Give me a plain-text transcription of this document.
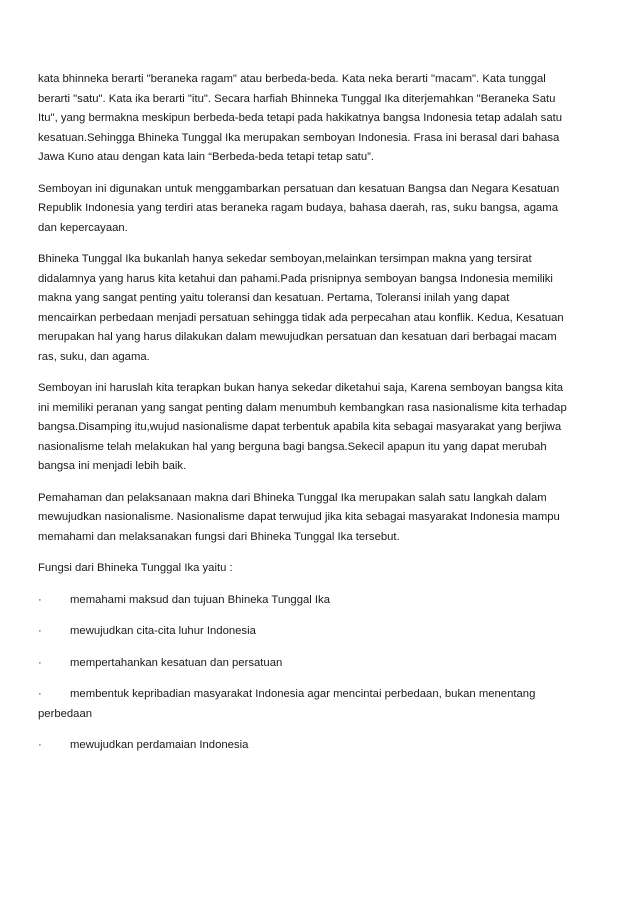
kata bhinneka berarti "beraneka ragam" atau berbeda-beda. Kata neka berarti "macam". Kata tunggal berarti "satu". Kata ika berarti "itu". Secara harfiah Bhinneka Tunggal Ika diterjemahkan "Beraneka Satu Itu", yang bermakna meskipun berbeda-beda tetapi pada hakikatnya bangsa Indonesia tetap adalah satu kesatuan.Sehingga Bhineka Tunggal Ika merupakan semboyan Indonesia. Frasa ini berasal dari bahasa Jawa Kuno atau dengan kata lain “Berbeda-beda tetapi tetap satu”.

Semboyan ini digunakan untuk menggambarkan persatuan dan kesatuan Bangsa dan Negara Kesatuan Republik Indonesia yang terdiri atas beraneka ragam budaya, bahasa daerah, ras, suku bangsa, agama dan kepercayaan.

Bhineka Tunggal Ika bukanlah hanya sekedar semboyan,melainkan tersimpan makna yang tersirat didalamnya yang harus kita ketahui dan pahami.Pada prisnipnya semboyan bangsa Indonesia memiliki makna yang sangat penting yaitu toleransi dan kesatuan. Pertama, Toleransi inilah yang dapat mencairkan perbedaan menjadi persatuan sehingga tidak ada perpecahan atau konflik. Kedua, Kesatuan merupakan hal yang harus dilakukan dalam mewujudkan persatuan dan kesatuan dari berbagai macam ras, suku, dan agama.

Semboyan ini haruslah kita terapkan bukan hanya sekedar diketahui saja, Karena semboyan bangsa kita ini memiliki peranan yang sangat penting dalam menumbuh kembangkan rasa nasionalisme kita terhadap bangsa.Disamping itu,wujud nasionalisme dapat terbentuk apabila kita sebagai masyarakat yang berjiwa nasionalisme telah melakukan hal yang berguna bagi bangsa.Sekecil apapun itu yang dapat merubah bangsa ini menjadi lebih baik.

Pemahaman dan pelaksanaan makna dari Bhineka Tunggal Ika merupakan salah satu langkah dalam mewujudkan nasionalisme. Nasionalisme dapat terwujud jika kita sebagai masyarakat Indonesia mampu memahami dan melaksanakan fungsi dari Bhineka Tunggal Ika tersebut.

Fungsi dari Bhineka Tunggal Ika yaitu :

· memahami maksud dan tujuan Bhineka Tunggal Ika
· mewujudkan cita-cita luhur Indonesia
· mempertahankan kesatuan dan persatuan
· membentuk kepribadian masyarakat Indonesia agar mencintai perbedaan, bukan menentang perbedaan
· mewujudkan perdamaian Indonesia
